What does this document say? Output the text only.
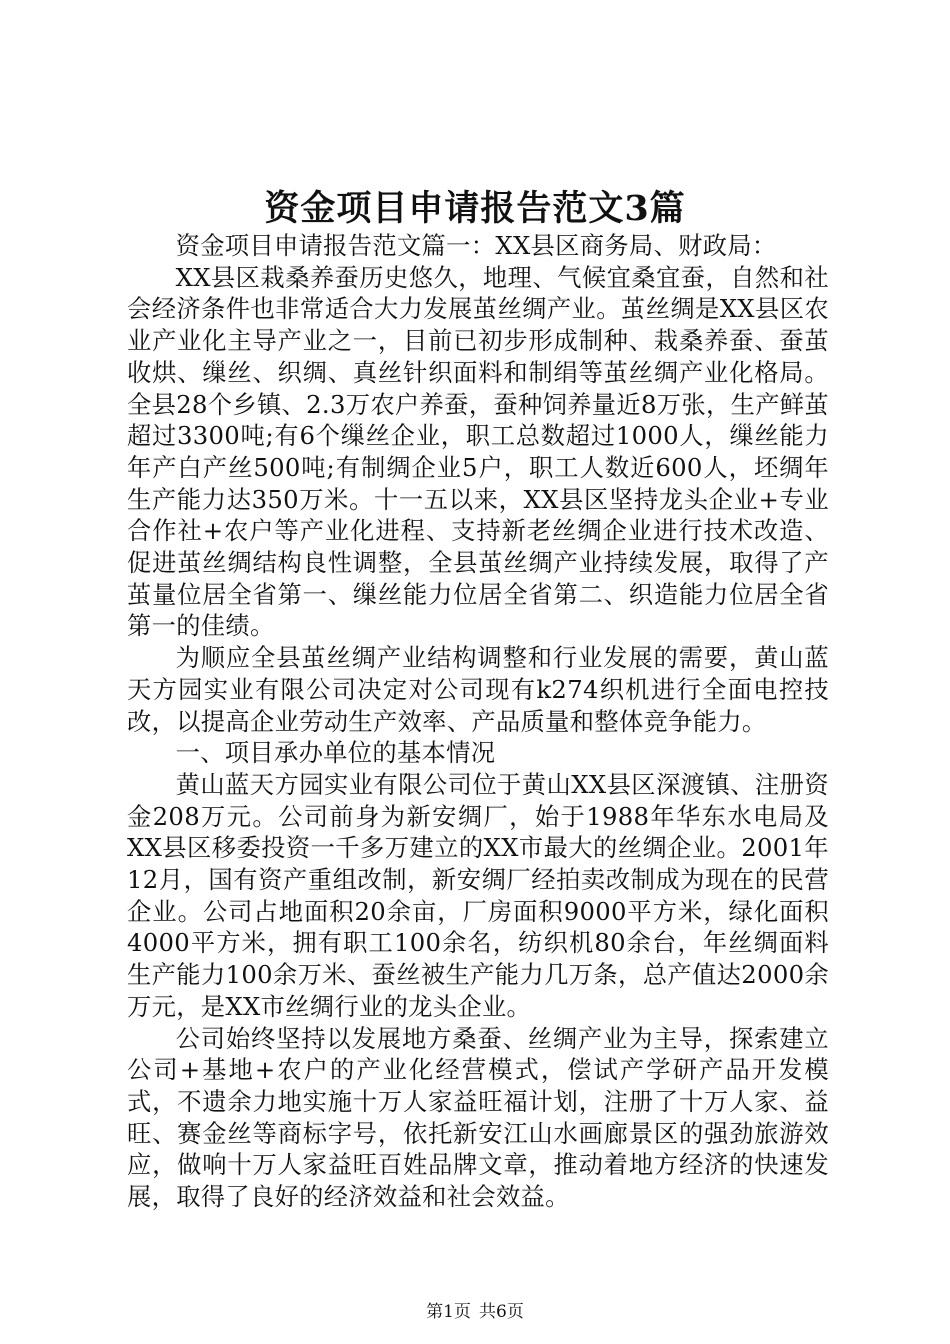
资金项目申请报告范文3篇

资金项目申请报告范文篇一：XX县区商务局、财政局：

XX县区栽桑养蚕历史悠久，地理、气候宜桑宜蚕，自然和社会经济条件也非常适合大力发展茧丝绸产业。茧丝绸是XX县区农业产业化主导产业之一，目前已初步形成制种、栽桑养蚕、蚕茧收烘、缫丝、织绸、真丝针织面料和制绢等茧丝绸产业化格局。全县28个乡镇、2.3万农户养蚕，蚕种饲养量近8万张，生产鲜茧超过3300吨;有6个缫丝企业，职工总数超过1000人，缫丝能力年产白产丝500吨;有制绸企业5户，职工人数近600人，坯绸年生产能力达350万米。十一五以来，XX县区坚持龙头企业+专业合作社+农户等产业化进程、支持新老丝绸企业进行技术改造、促进茧丝绸结构良性调整，全县茧丝绸产业持续发展，取得了产茧量位居全省第一、缫丝能力位居全省第二、织造能力位居全省第一的佳绩。

为顺应全县茧丝绸产业结构调整和行业发展的需要，黄山蓝天方园实业有限公司决定对公司现有k274织机进行全面电控技改，以提高企业劳动生产效率、产品质量和整体竞争能力。

一、项目承办单位的基本情况

黄山蓝天方园实业有限公司位于黄山XX县区深渡镇、注册资金208万元。公司前身为新安绸厂，始于1988年华东水电局及XX县区移委投资一千多万建立的XX市最大的丝绸企业。2001年12月，国有资产重组改制，新安绸厂经拍卖改制成为现在的民营企业。公司占地面积20余亩，厂房面积9000平方米，绿化面积4000平方米，拥有职工100余名，纺织机80余台，年丝绸面料生产能力100余万米、蚕丝被生产能力几万条，总产值达2000余万元，是XX市丝绸行业的龙头企业。

公司始终坚持以发展地方桑蚕、丝绸产业为主导，探索建立公司+基地+农户的产业化经营模式，偿试产学研产品开发模式，不遗余力地实施十万人家益旺福计划，注册了十万人家、益旺、赛金丝等商标字号，依托新安江山水画廊景区的强劲旅游效应，做响十万人家益旺百姓品牌文章，推动着地方经济的快速发展，取得了良好的经济效益和社会效益。

第1页 共6页
